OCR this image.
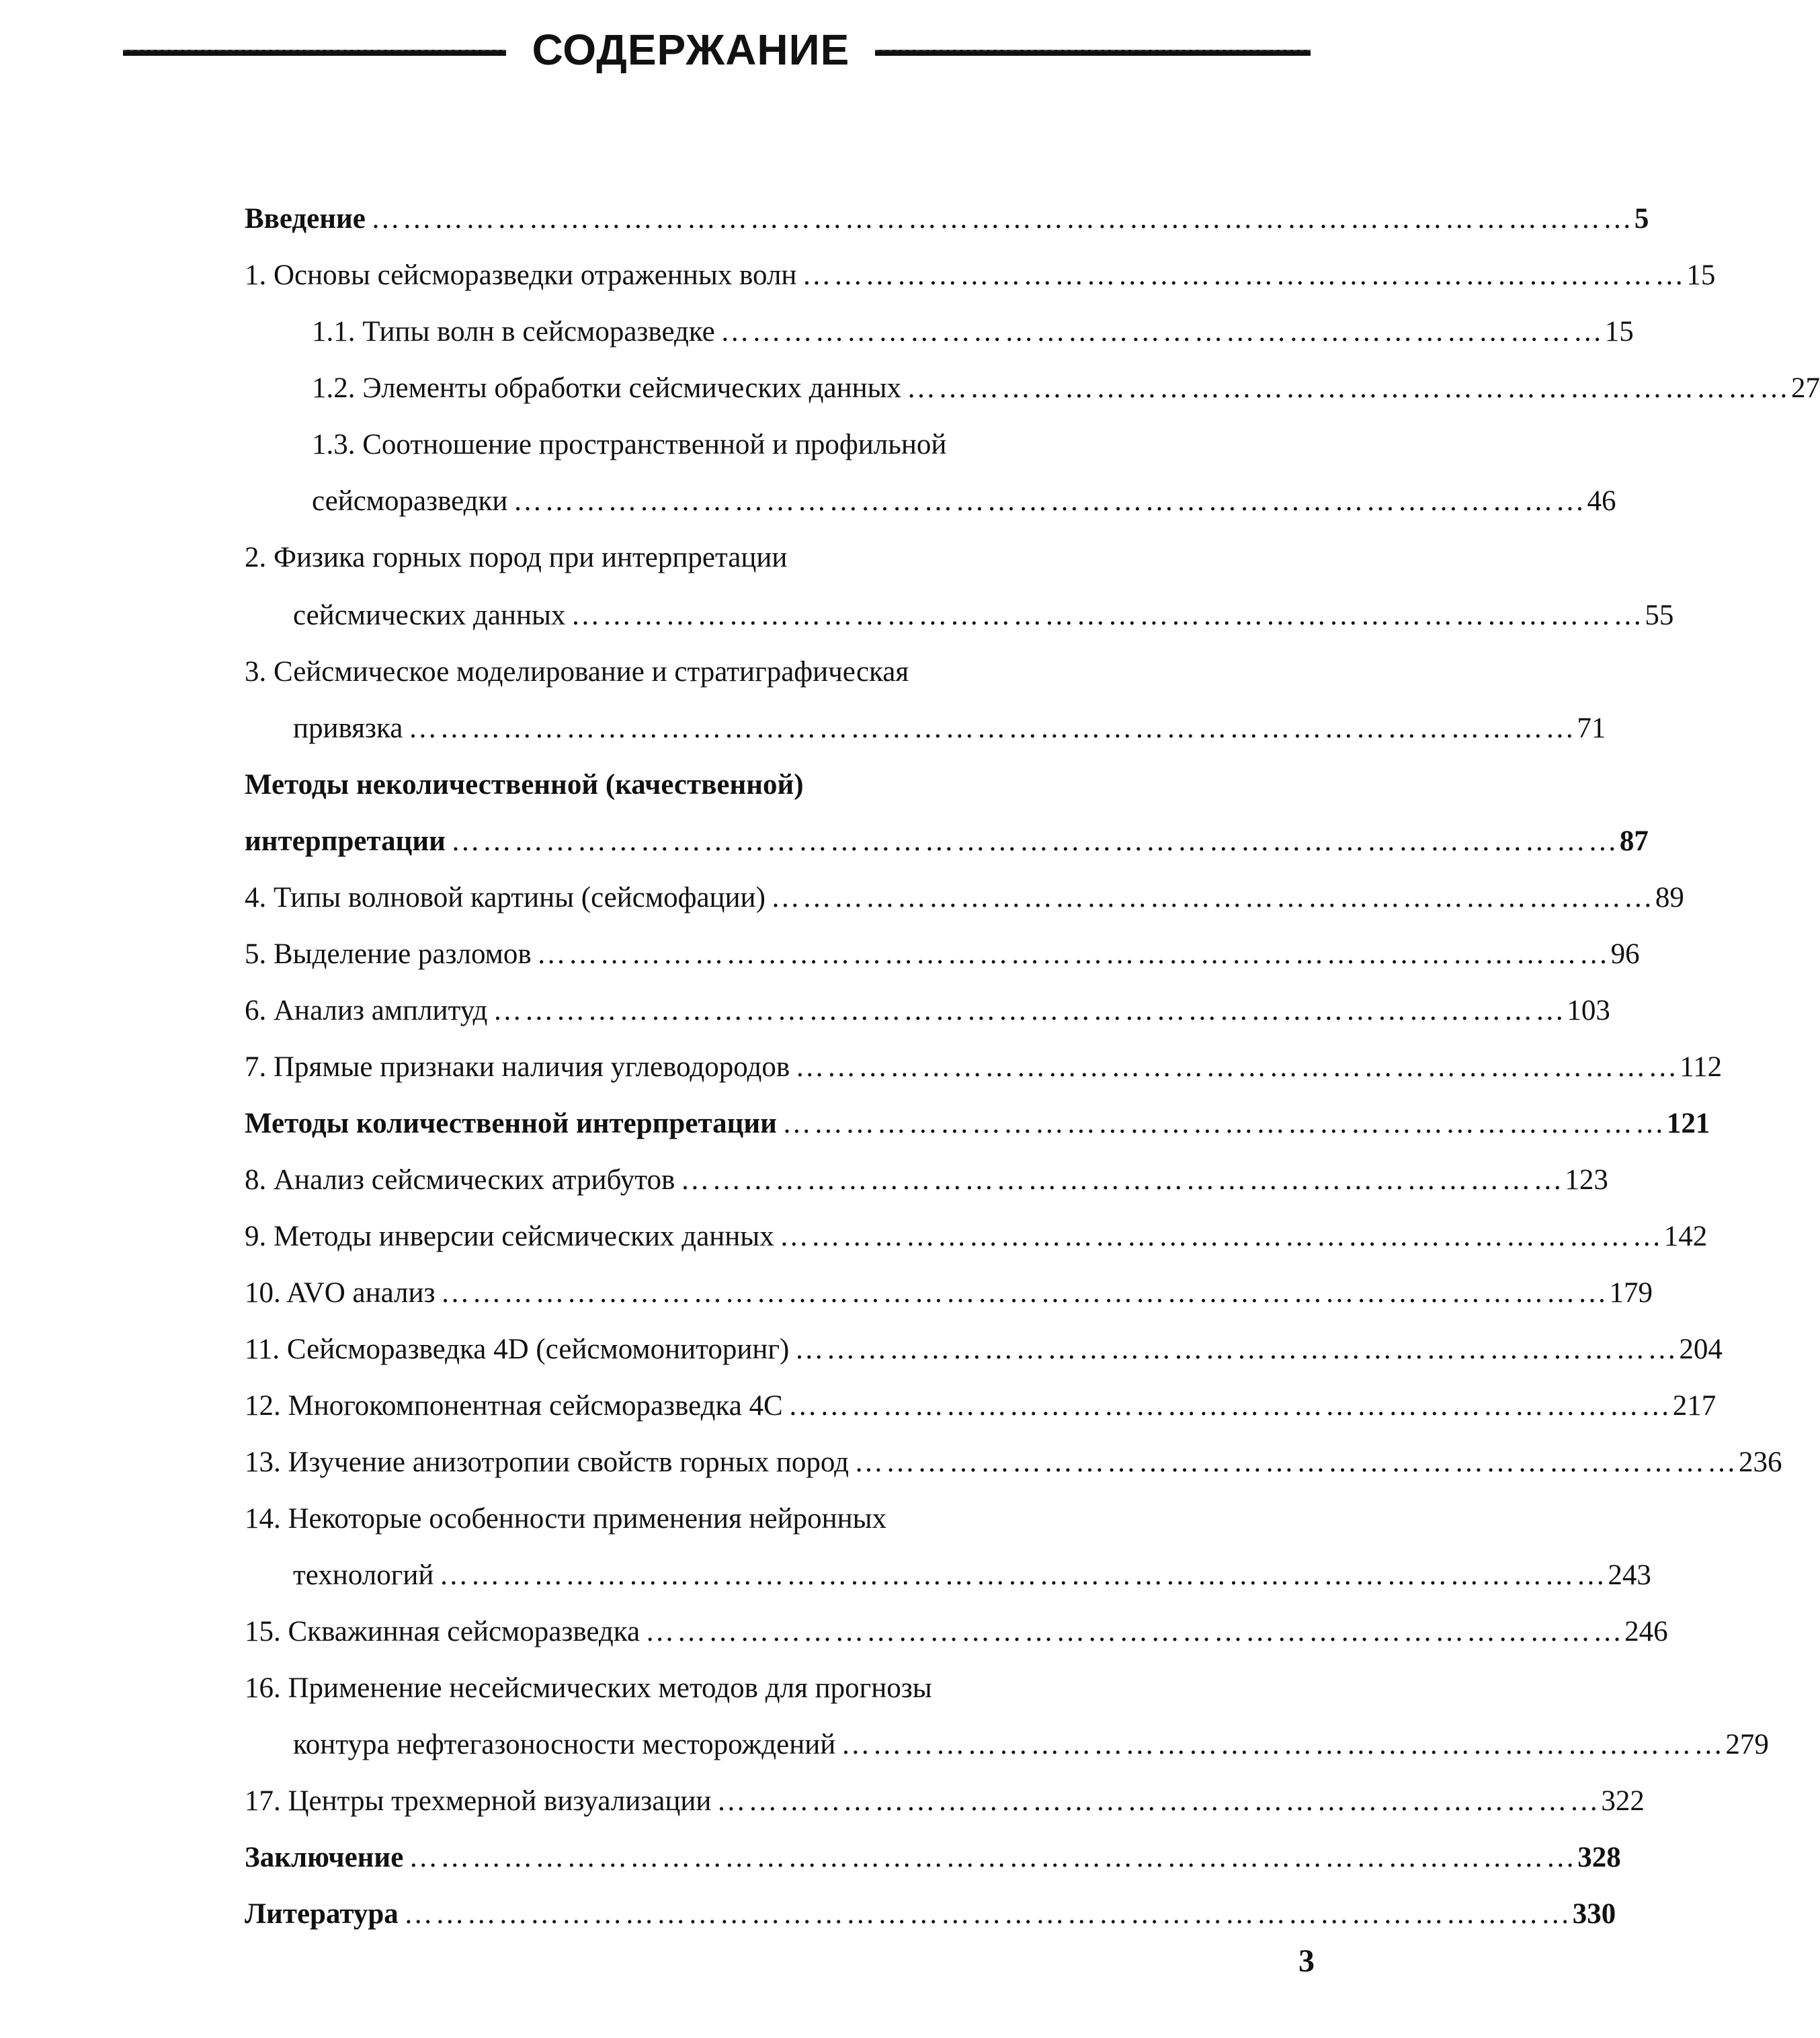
СОДЕРЖАНИЕ
Введение ………………………………………………………………………………………………………… 5
1. Основы сейсморазведки отраженных волн ………………………………………………………………………… 15
1.1. Типы волн в сейсморазведке ………………………………………………………………………… 15
1.2. Элементы обработки сейсмических данных ………………………………………………………………………… 27
1.3. Соотношение пространственной и профильной
сейсморазведки ………………………………………………………………………………………… 46
2. Физика горных пород при интерпретации
сейсмических данных ………………………………………………………………………………………… 55
3. Сейсмическое моделирование и стратиграфическая
привязка ………………………………………………………………………………………………… 71
Методы неколичественной (качественной)
интерпретации ………………………………………………………………………………………………… 87
4. Типы волновой картины (сейсмофации) ………………………………………………………………………… 89
5. Выделение разломов ………………………………………………………………………………………… 96
6. Анализ амплитуд ………………………………………………………………………………………… 103
7. Прямые признаки наличия углеводородов ………………………………………………………………………… 112
Методы количественной интерпретации ………………………………………………………………………… 121
8. Анализ сейсмических атрибутов ………………………………………………………………………… 123
9. Методы инверсии сейсмических данных ………………………………………………………………………… 142
10. AVO анализ ………………………………………………………………………………………………… 179
11. Сейсморазведка 4D (сейсмомониторинг) ………………………………………………………………………… 204
12. Многокомпонентная сейсморазведка 4C ………………………………………………………………………… 217
13. Изучение анизотропии свойств горных пород ………………………………………………………………………… 236
14. Некоторые особенности применения нейронных
технологий ………………………………………………………………………………………………… 243
15. Скважинная сейсморазведка ………………………………………………………………………………… 246
16. Применение несейсмических методов для прогнозы
контура нефтегазоносности месторождений ………………………………………………………………………… 279
17. Центры трехмерной визуализации ………………………………………………………………………… 322
Заключение ………………………………………………………………………………………………… 328
Литература ………………………………………………………………………………………………… 330
3
